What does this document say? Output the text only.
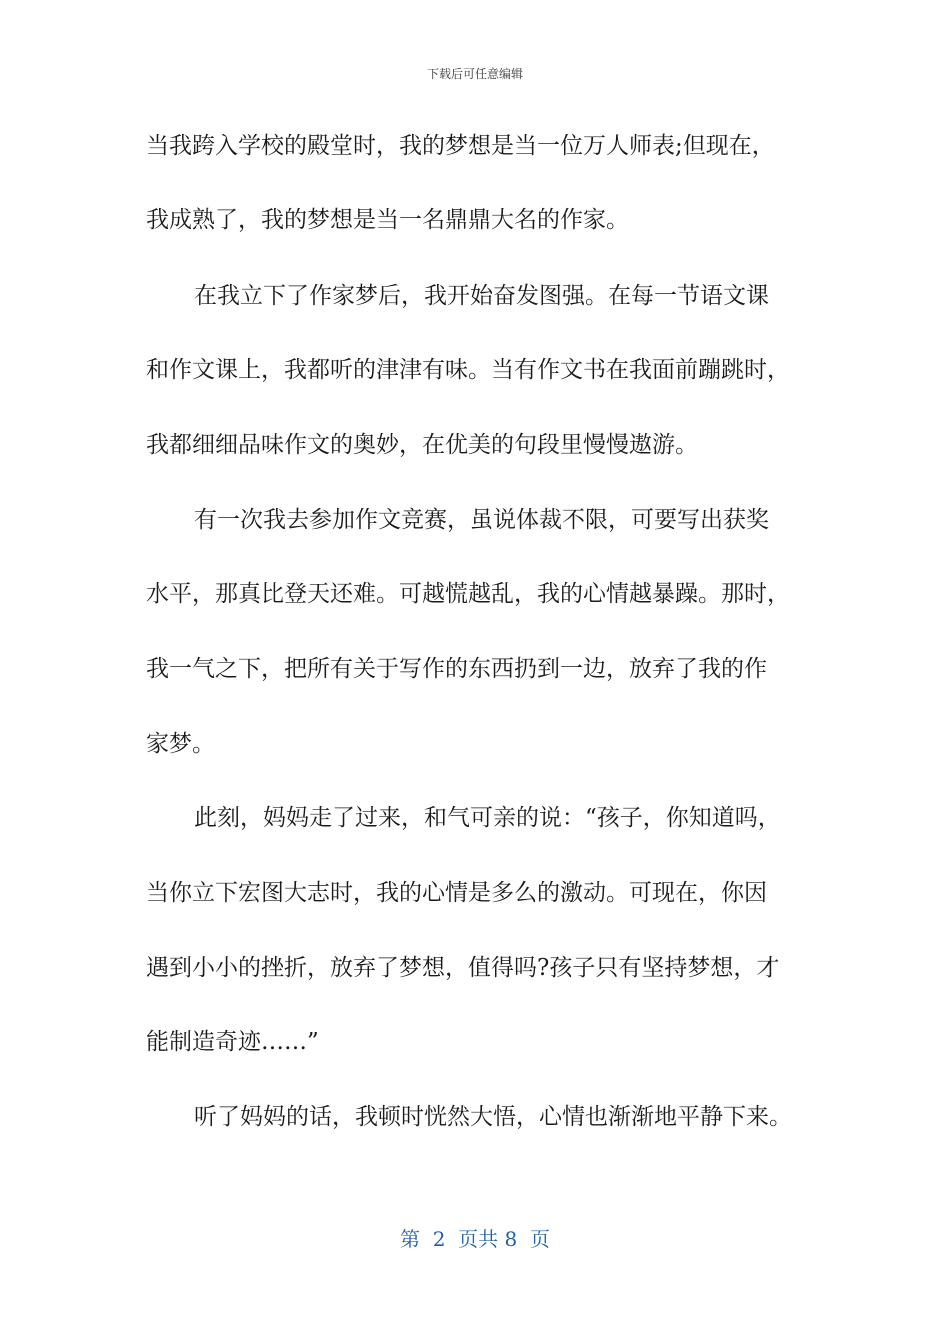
下载后可任意编辑
当我跨入学校的殿堂时，我的梦想是当一位万人师表;但现在，
我成熟了，我的梦想是当一名鼎鼎大名的作家。
在我立下了作家梦后，我开始奋发图强。在每一节语文课
和作文课上，我都听的津津有味。当有作文书在我面前蹦跳时，
我都细细品味作文的奥妙，在优美的句段里慢慢遨游。
有一次我去参加作文竞赛，虽说体裁不限，可要写出获奖
水平，那真比登天还难。可越慌越乱，我的心情越暴躁。那时，
我一气之下，把所有关于写作的东西扔到一边，放弃了我的作
家梦。
此刻，妈妈走了过来，和气可亲的说：“孩子，你知道吗，
当你立下宏图大志时，我的心情是多么的激动。可现在，你因
遇到小小的挫折，放弃了梦想，值得吗?孩子只有坚持梦想，才
能制造奇迹……”
听了妈妈的话，我顿时恍然大悟，心情也渐渐地平静下来。
第  2  页共 8  页
